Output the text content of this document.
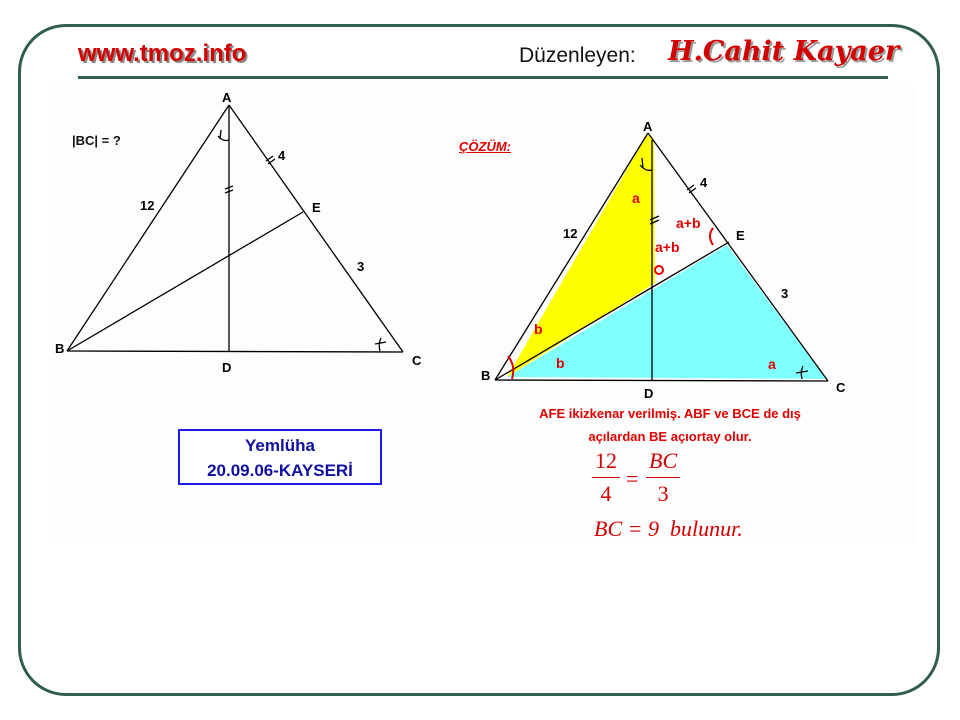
www.tmoz.info	Düzenleyen: H.Cahit Kayaer
A
B
C
D
E
12
4
3
|BC| = ?
Yemlüha
20.09.06-KAYSERİ
A
B
C
D
E
12
4
3
a
a
b
b
a+b
a+b
ÇÖZÜM:
AFE ikizkenar verilmiş. ABF ve BCE de dış
açılardan BE açıortay olur.
$\frac{12}{4} = \frac{BC}{3}$
BC = 9  bulunur.
